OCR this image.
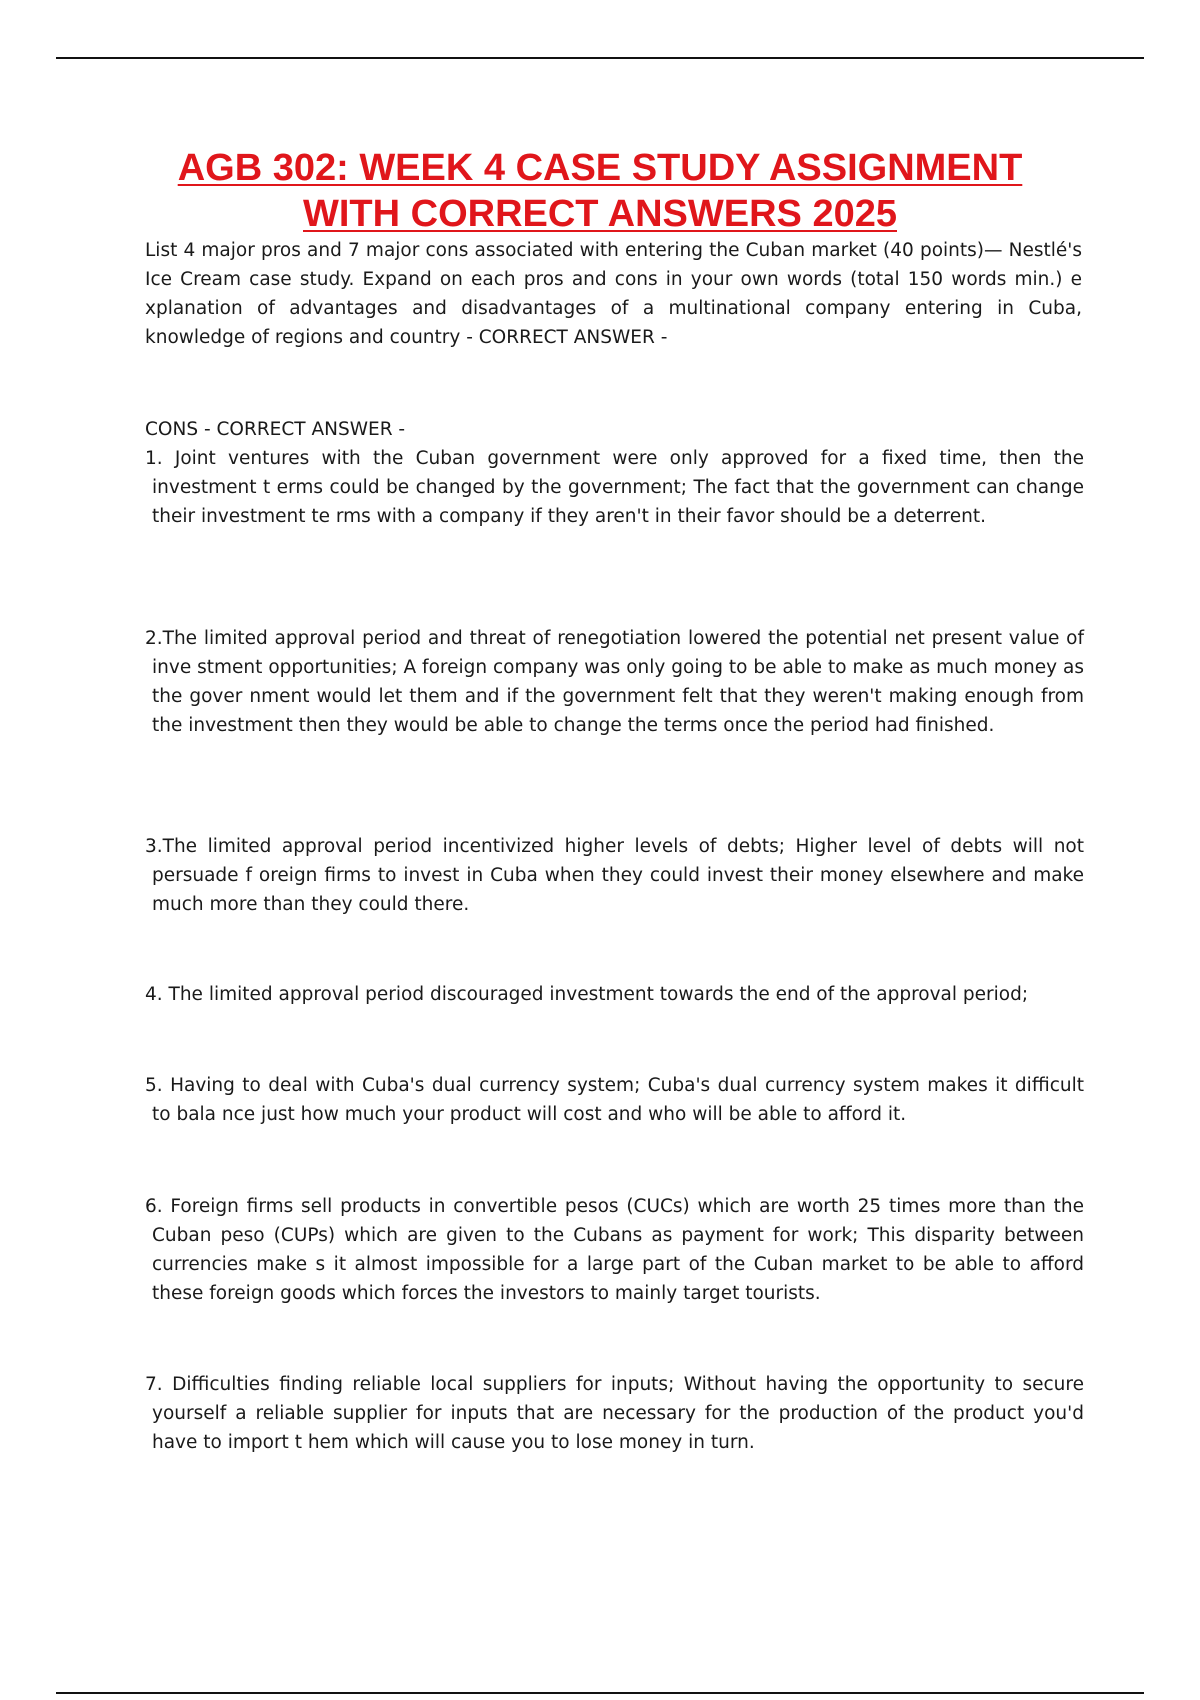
AGB 302: WEEK 4 CASE STUDY ASSIGNMENT
WITH CORRECT ANSWERS 2025

List 4 major pros and 7 major cons associated with entering the Cuban market (40 points)— Nestlé's Ice Cream case study. Expand on each pros and cons in your own words (total 150 words min.) e xplanation of advantages and disadvantages of a multinational company entering in Cuba, knowledge of regions and country - CORRECT ANSWER -

CONS - CORRECT ANSWER -

1. Joint ventures with the Cuban government were only approved for a fixed time, then the investment t erms could be changed by the government; The fact that the government can change their investment te rms with a company if they aren't in their favor should be a deterrent.

2.The limited approval period and threat of renegotiation lowered the potential net present value of inve stment opportunities; A foreign company was only going to be able to make as much money as the gover nment would let them and if the government felt that they weren't making enough from the investment then they would be able to change the terms once the period had finished.

3.The limited approval period incentivized higher levels of debts; Higher level of debts will not persuade f oreign firms to invest in Cuba when they could invest their money elsewhere and make much more than they could there.

4. The limited approval period discouraged investment towards the end of the approval period;

5. Having to deal with Cuba's dual currency system; Cuba's dual currency system makes it difficult to bala nce just how much your product will cost and who will be able to afford it.

6. Foreign firms sell products in convertible pesos (CUCs) which are worth 25 times more than the Cuban peso (CUPs) which are given to the Cubans as payment for work; This disparity between currencies make s it almost impossible for a large part of the Cuban market to be able to afford these foreign goods which forces the investors to mainly target tourists.

7. Difficulties finding reliable local suppliers for inputs; Without having the opportunity to secure yourself a reliable supplier for inputs that are necessary for the production of the product you'd have to import t hem which will cause you to lose money in turn.
